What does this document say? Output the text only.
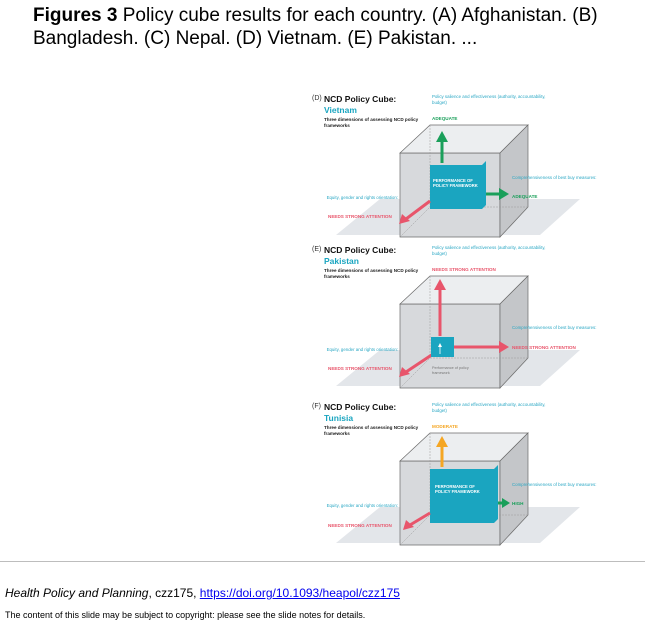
Figures 3 Policy cube results for each country. (A) Afghanistan. (B) Bangladesh. (C) Nepal. (D) Vietnam. (E) Pakistan. ...
(D) NCD Policy Cube:
Vietnam
Three dimensions of assessing NCD policy frameworks
Policy salience and effectiveness (authority, accountability, budget)
ADEQUATE
Comprehensiveness of best buy measures:
ADEQUATE
Equity, gender and rights orientation:
NEEDS STRONG ATTENTION
PERFORMANCE OF POLICY FRAMEWORK
(E) NCD Policy Cube:
Pakistan
Three dimensions of assessing NCD policy frameworks
Policy salience and effectiveness (authority, accountability, budget)
NEEDS STRONG ATTENTION
Comprehensiveness of best buy measures:
NEEDS STRONG ATTENTION
Equity, gender and rights orientation:
NEEDS STRONG ATTENTION	Performance of policy framework
(F) NCD Policy Cube:
Tunisia
Three dimensions of assessing NCD policy frameworks
Policy salience and effectiveness (authority, accountability, budget)
MODERATE
Comprehensiveness of best buy measures:
HIGH
Equity, gender and rights orientation:
NEEDS STRONG ATTENTION
PERFORMANCE OF POLICY FRAMEWORK
Health Policy and Planning, czz175, https://doi.org/10.1093/heapol/czz175
The content of this slide may be subject to copyright: please see the slide notes for details.
